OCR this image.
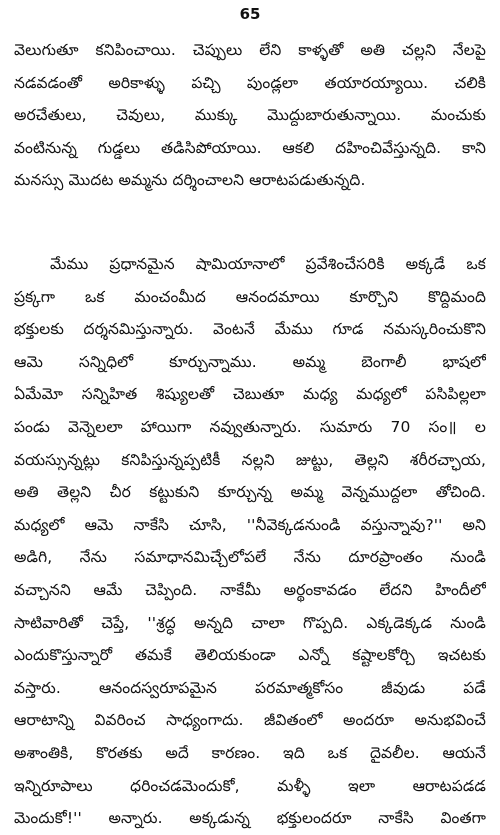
65
వెలుగుతూ కనిపించాయి. చెప్పులు లేని కాళ్ళతో అతి చల్లని నేలపై
నడవడంతో అరికాళ్ళు పచ్చి పుండ్లలా తయారయ్యాయి. చలికి
అరచేతులు, చెవులు, ముక్కు మొద్దుబారుతున్నాయి. మంచుకు
వంటినున్న గుడ్డలు తడిసిపోయాయి. ఆకలి దహించివేస్తున్నది. కాని
మనస్సు మొదట అమ్మను దర్శించాలని ఆరాటపడుతున్నది.
మేము ప్రధానమైన షామియానాలో ప్రవేశించేసరికి అక్కడే ఒక
ప్రక్కగా ఒక మంచంమీద ఆనందమాయి కూర్చొని కొద్దిమంది
భక్తులకు దర్శనమిస్తున్నారు. వెంటనే మేము గూడ నమస్కరించుకొని
ఆమె సన్నిధిలో కూర్చున్నాము. అమ్మ బెంగాలీ భాషలో
ఏమేమో సన్నిహిత శిష్యులతో చెబుతూ మధ్య మధ్యలో పసిపిల్లలా
పండు వెన్నెలలా హాయిగా నవ్వుతున్నారు. సుమారు 70 సం॥ ల
వయస్సున్నట్లు కనిపిస్తున్నప్పటికీ నల్లని జుట్టు, తెల్లని శరీరచ్ఛాయ,
అతి తెల్లని చీర కట్టుకుని కూర్చున్న అమ్మ వెన్నముద్దలా తోచింది.
మధ్యలో ఆమె నాకేసి చూసి, ''నీవెక్కడనుండి వస్తున్నావు?'' అని
అడిగి, నేను సమాధానమిచ్చేలోపలే నేను దూరప్రాంతం నుండి
వచ్చానని ఆమే చెప్పింది. నాకేమీ అర్థంకావడం లేదని హిందీలో
సాటివారితో చెప్తే, ''శ్రద్ధ అన్నది చాలా గొప్పది. ఎక్కడెక్కడ నుండి
ఎందుకొస్తున్నారో తమకే తెలియకుండా ఎన్నో కష్టాలకోర్చి ఇచటకు
వస్తారు. ఆనందస్వరూపమైన పరమాత్మకోసం జీవుడు పడే
ఆరాటాన్ని వివరించ సాధ్యంగాదు. జీవితంలో అందరూ అనుభవించే
అశాంతికి, కొరతకు అదే కారణం. ఇది ఒక దైవలీల. ఆయనే
ఇన్నిరూపాలు ధరించడమెందుకో, మళ్ళీ ఇలా ఆరాటపడడ
మెందుకో!'' అన్నారు. అక్కడున్న భక్తులందరూ నాకేసి వింతగా
